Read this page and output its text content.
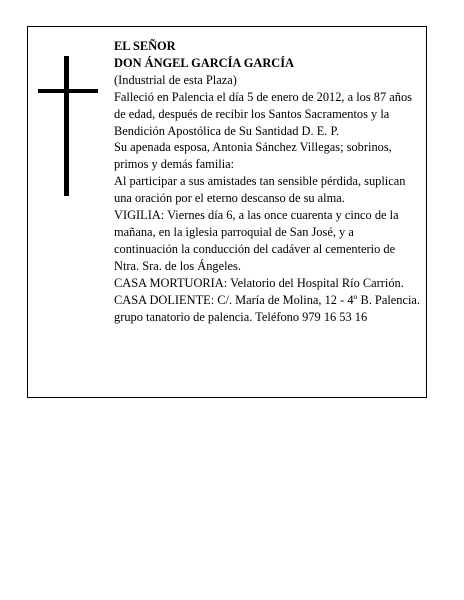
EL SEÑOR

DON ÁNGEL GARCÍA GARCÍA

(Industrial de esta Plaza)

Falleció en Palencia el día 5 de enero de 2012, a los 87 años de edad, después de recibir los Santos Sacramentos y la Bendición Apostólica de Su Santidad D. E. P.

Su apenada esposa, Antonia Sánchez Villegas; sobrinos, primos y demás familia:

Al participar a sus amistades tan sensible pérdida, suplican una oración por el eterno descanso de su alma.

VIGILIA: Viernes día 6, a las once cuarenta y cinco de la mañana, en la iglesia parroquial de San José, y a continuación la conducción del cadáver al cementerio de Ntra. Sra. de los Ángeles.

CASA MORTUORIA: Velatorio del Hospital Río Carrión.

CASA DOLIENTE: C/. María de Molina, 12 - 4º B. Palencia.

grupo tanatorio de palencia. Teléfono 979 16 53 16
